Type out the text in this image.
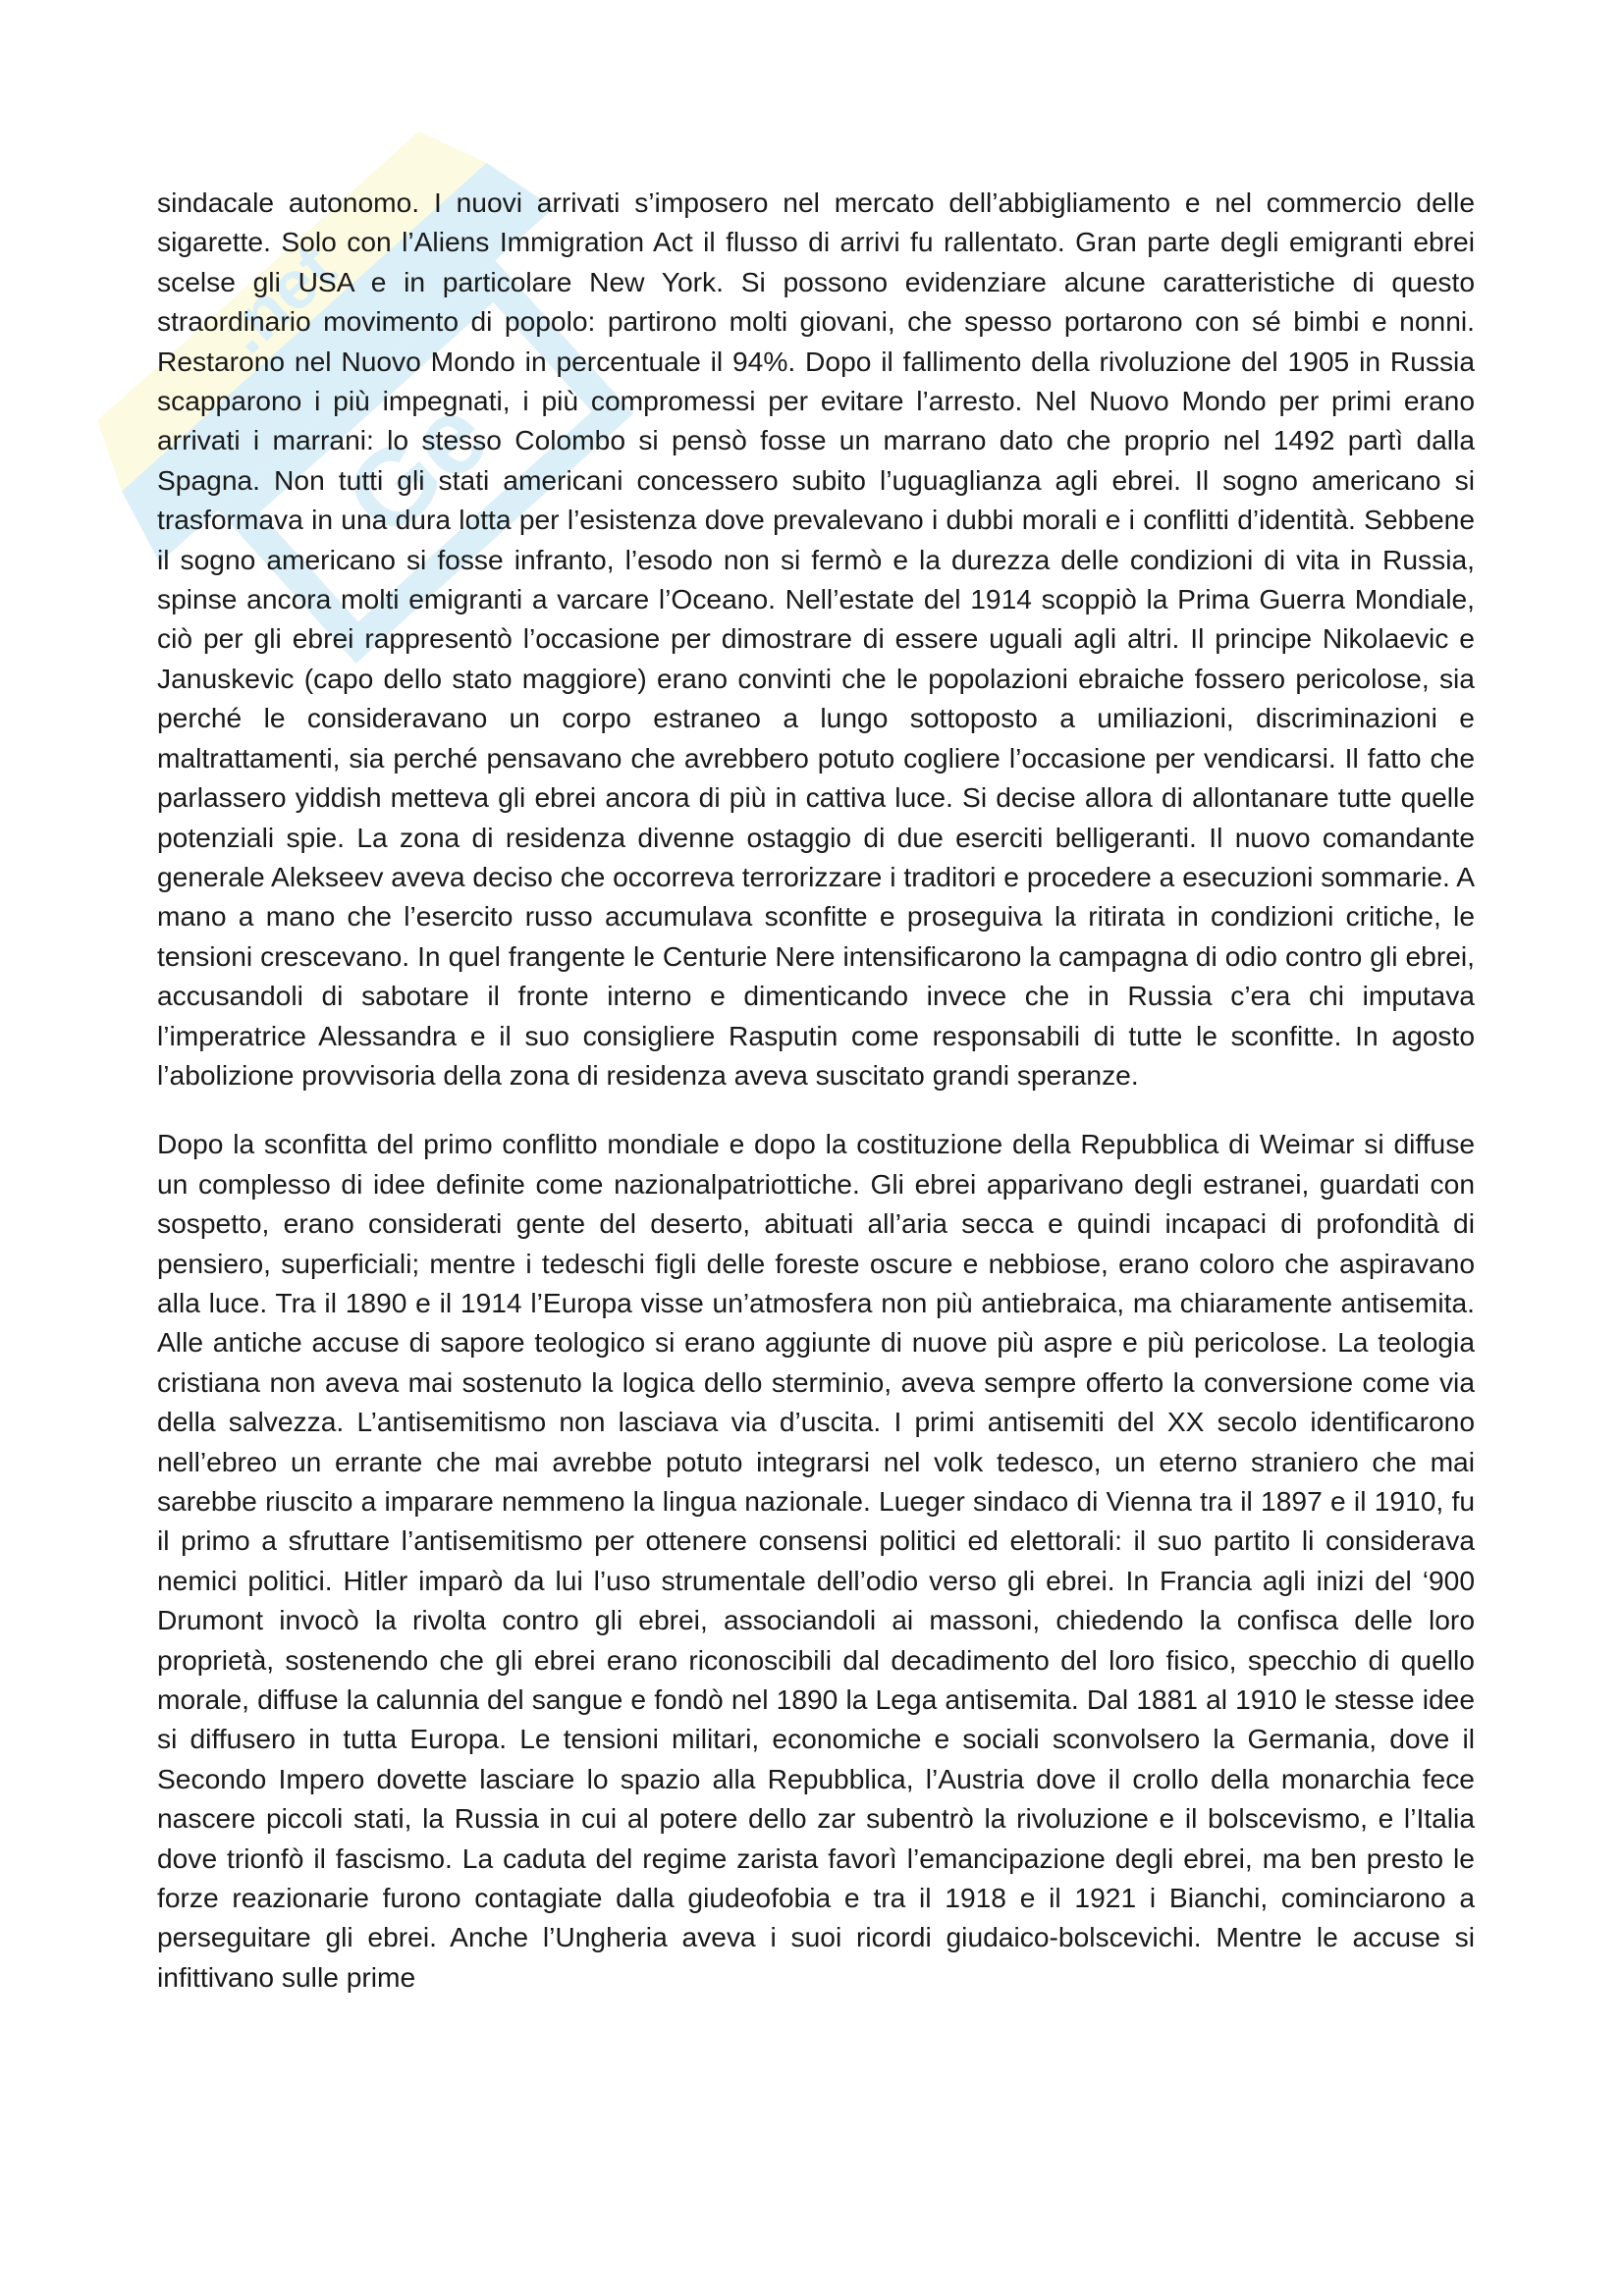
.net
Ge

sindacale autonomo. I nuovi arrivati s’imposero nel mercato dell’abbigliamento e nel commercio delle sigarette. Solo con l’Aliens Immigration Act il flusso di arrivi fu rallentato. Gran parte degli emigranti ebrei scelse gli USA e in particolare New York. Si possono evidenziare alcune caratteristiche di questo straordinario movimento di popolo: partirono molti giovani, che spesso portarono con sé bimbi e nonni. Restarono nel Nuovo Mondo in percentuale il 94%. Dopo il fallimento della rivoluzione del 1905 in Russia scapparono i più impegnati, i più compromessi per evitare l’arresto. Nel Nuovo Mondo per primi erano arrivati i marrani: lo stesso Colombo si pensò fosse un marrano dato che proprio nel 1492 partì dalla Spagna. Non tutti gli stati americani concessero subito l’uguaglianza agli ebrei. Il sogno americano si trasformava in una dura lotta per l’esistenza dove prevalevano i dubbi morali e i conflitti d’identità. Sebbene il sogno americano si fosse infranto, l’esodo non si fermò e la durezza delle condizioni di vita in Russia, spinse ancora molti emigranti a varcare l’Oceano. Nell’estate del 1914 scoppiò la Prima Guerra Mondiale, ciò per gli ebrei rappresentò l’occasione per dimostrare di essere uguali agli altri. Il principe Nikolaevic e Januskevic (capo dello stato maggiore) erano convinti che le popolazioni ebraiche fossero pericolose, sia perché le consideravano un corpo estraneo a lungo sottoposto a umiliazioni, discriminazioni e maltrattamenti, sia perché pensavano che avrebbero potuto cogliere l’occasione per vendicarsi. Il fatto che parlassero yiddish metteva gli ebrei ancora di più in cattiva luce. Si decise allora di allontanare tutte quelle potenziali spie. La zona di residenza divenne ostaggio di due eserciti belligeranti. Il nuovo comandante generale Alekseev aveva deciso che occorreva terrorizzare i traditori e procedere a esecuzioni sommarie. A mano a mano che l’esercito russo accumulava sconfitte e proseguiva la ritirata in condizioni critiche, le tensioni crescevano. In quel frangente le Centurie Nere intensificarono la campagna di odio contro gli ebrei, accusandoli di sabotare il fronte interno e dimenticando invece che in Russia c’era chi imputava l’imperatrice Alessandra e il suo consigliere Rasputin come responsabili di tutte le sconfitte. In agosto l’abolizione provvisoria della zona di residenza aveva suscitato grandi speranze.

Dopo la sconfitta del primo conflitto mondiale e dopo la costituzione della Repubblica di Weimar si diffuse un complesso di idee definite come nazionalpatriottiche. Gli ebrei apparivano degli estranei, guardati con sospetto, erano considerati gente del deserto, abituati all’aria secca e quindi incapaci di profondità di pensiero, superficiali; mentre i tedeschi figli delle foreste oscure e nebbiose, erano coloro che aspiravano alla luce. Tra il 1890 e il 1914 l’Europa visse un’atmosfera non più antiebraica, ma chiaramente antisemita. Alle antiche accuse di sapore teologico si erano aggiunte di nuove più aspre e più pericolose. La teologia cristiana non aveva mai sostenuto la logica dello sterminio, aveva sempre offerto la conversione come via della salvezza. L’antisemitismo non lasciava via d’uscita. I primi antisemiti del XX secolo identificarono nell’ebreo un errante che mai avrebbe potuto integrarsi nel volk tedesco, un eterno straniero che mai sarebbe riuscito a imparare nemmeno la lingua nazionale. Lueger sindaco di Vienna tra il 1897 e il 1910, fu il primo a sfruttare l’antisemitismo per ottenere consensi politici ed elettorali: il suo partito li considerava nemici politici. Hitler imparò da lui l’uso strumentale dell’odio verso gli ebrei. In Francia agli inizi del ‘900 Drumont invocò la rivolta contro gli ebrei, associandoli ai massoni, chiedendo la confisca delle loro proprietà, sostenendo che gli ebrei erano riconoscibili dal decadimento del loro fisico, specchio di quello morale, diffuse la calunnia del sangue e fondò nel 1890 la Lega antisemita. Dal 1881 al 1910 le stesse idee si diffusero in tutta Europa. Le tensioni militari, economiche e sociali sconvolsero la Germania, dove il Secondo Impero dovette lasciare lo spazio alla Repubblica, l’Austria dove il crollo della monarchia fece nascere piccoli stati, la Russia in cui al potere dello zar subentrò la rivoluzione e il bolscevismo, e l’Italia dove trionfò il fascismo. La caduta del regime zarista favorì l’emancipazione degli ebrei, ma ben presto le forze reazionarie furono contagiate dalla giudeofobia e tra il 1918 e il 1921 i Bianchi, cominciarono a perseguitare gli ebrei. Anche l’Ungheria aveva i suoi ricordi giudaico-bolscevichi. Mentre le accuse si infittivano sulle prime
